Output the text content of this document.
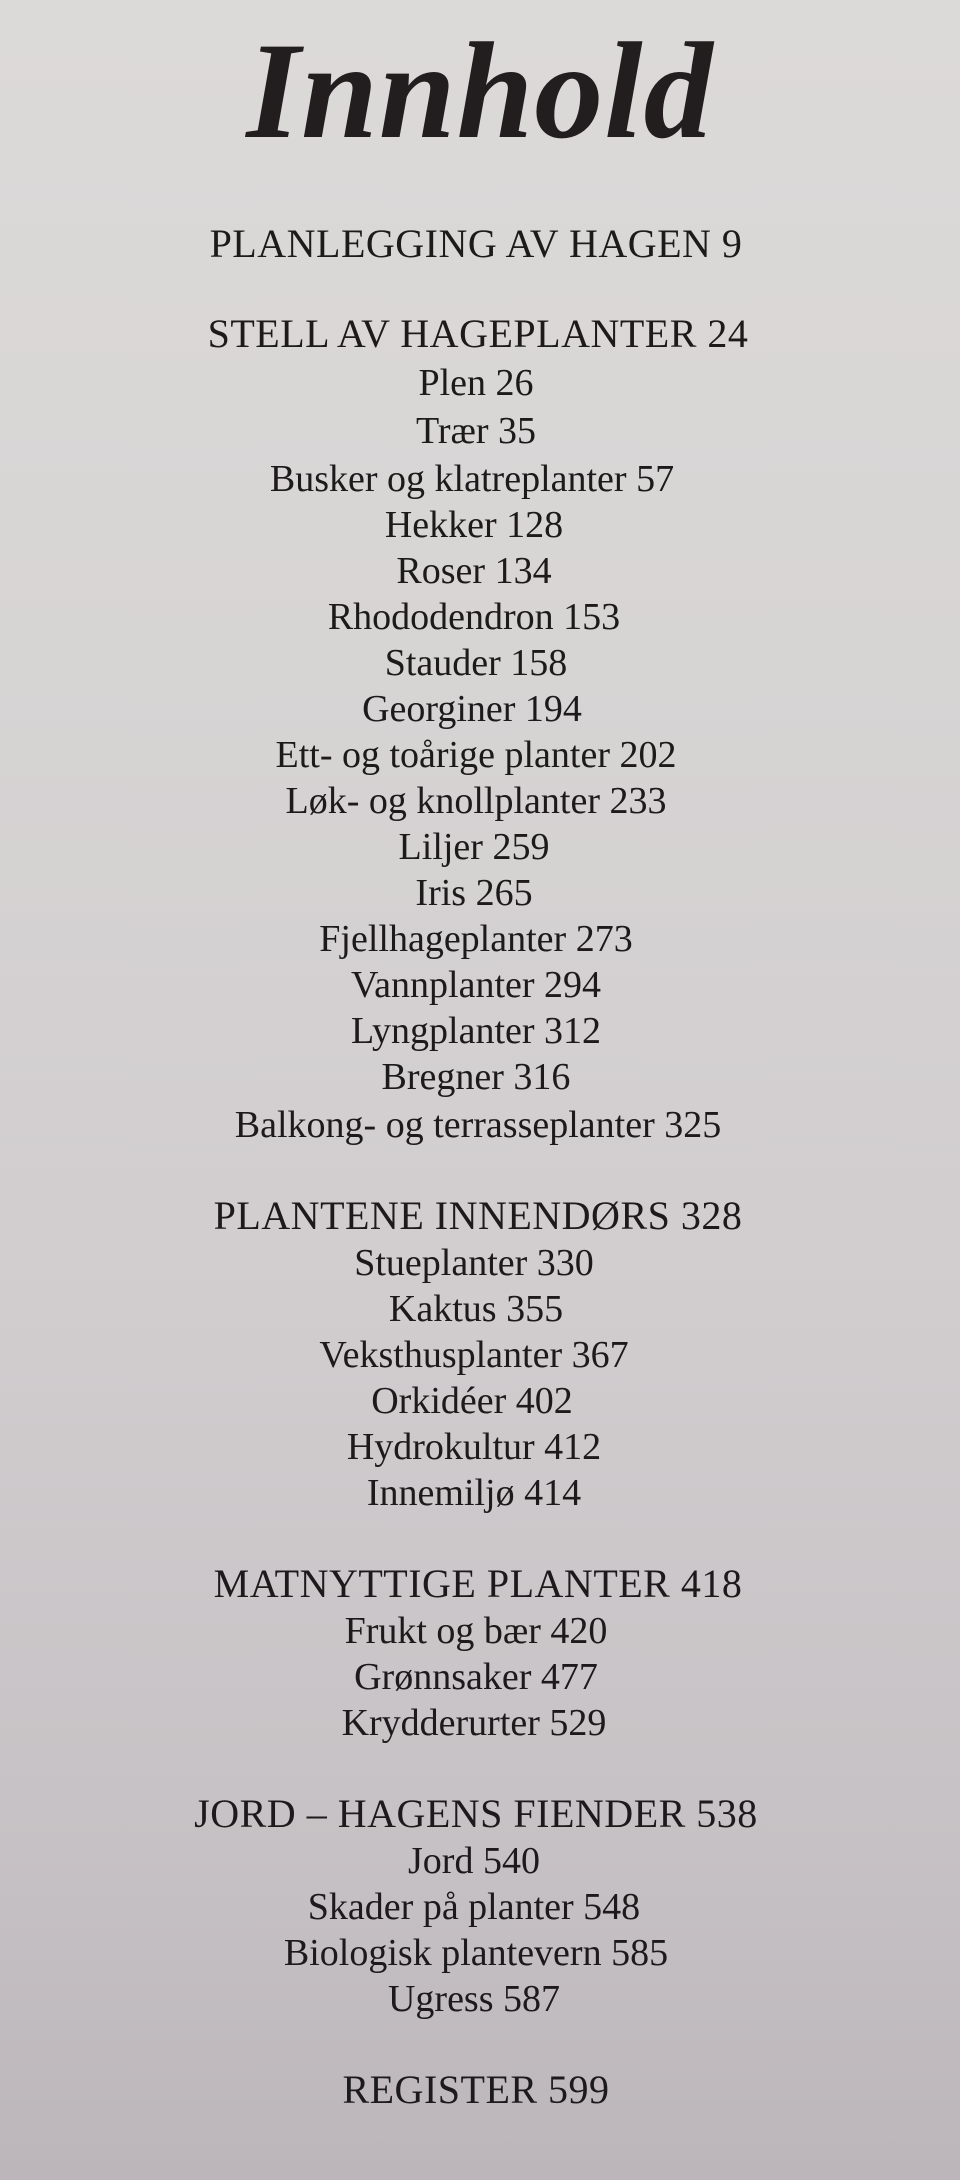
Innhold
PLANLEGGING AV HAGEN 9
STELL AV HAGEPLANTER 24
Plen 26
Trær 35
Busker og klatreplanter 57
Hekker 128
Roser 134
Rhododendron 153
Stauder 158
Georginer 194
Ett- og toårige planter 202
Løk- og knollplanter 233
Liljer 259
Iris 265
Fjellhageplanter 273
Vannplanter 294
Lyngplanter 312
Bregner 316
Balkong- og terrasseplanter 325
PLANTENE INNENDØRS 328
Stueplanter 330
Kaktus 355
Veksthusplanter 367
Orkidéer 402
Hydrokultur 412
Innemiljø 414
MATNYTTIGE PLANTER 418
Frukt og bær 420
Grønnsaker 477
Krydderurter 529
JORD – HAGENS FIENDER 538
Jord 540
Skader på planter 548
Biologisk plantevern 585
Ugress 587
REGISTER 599
